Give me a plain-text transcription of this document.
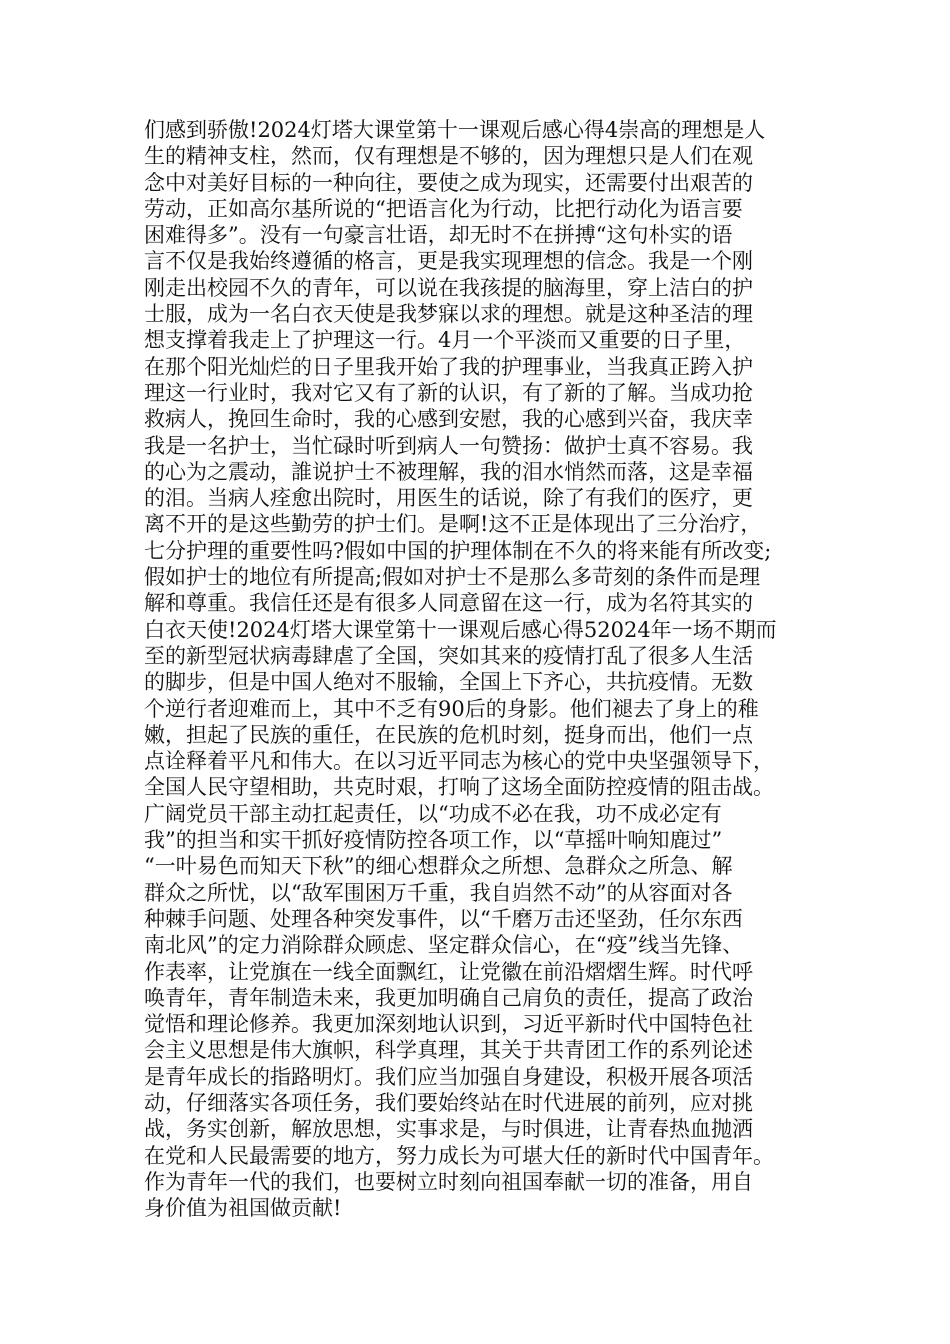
们感到骄傲!2024灯塔大课堂第十一课观后感心得4崇高的理想是人
生的精神支柱，然而，仅有理想是不够的，因为理想只是人们在观
念中对美好目标的一种向往，要使之成为现实，还需要付出艰苦的
劳动，正如高尔基所说的“把语言化为行动，比把行动化为语言要
困难得多”。没有一句豪言壮语，却无时不在拼搏“这句朴实的语
言不仅是我始终遵循的格言，更是我实现理想的信念。我是一个刚
刚走出校园不久的青年，可以说在我孩提的脑海里，穿上洁白的护
士服，成为一名白衣天使是我梦寐以求的理想。就是这种圣洁的理
想支撑着我走上了护理这一行。4月一个平淡而又重要的日子里，
在那个阳光灿烂的日子里我开始了我的护理事业，当我真正跨入护
理这一行业时，我对它又有了新的认识，有了新的了解。当成功抢
救病人，挽回生命时，我的心感到安慰，我的心感到兴奋，我庆幸
我是一名护士，当忙碌时听到病人一句赞扬：做护士真不容易。我
的心为之震动，誰说护士不被理解，我的泪水悄然而落，这是幸福
的泪。当病人痊愈出院时，用医生的话说，除了有我们的医疗，更
离不开的是这些勤劳的护士们。是啊!这不正是体现出了三分治疗，
七分护理的重要性吗?假如中国的护理体制在不久的将来能有所改变;
假如护士的地位有所提高;假如对护士不是那么多苛刻的条件而是理
解和尊重。我信任还是有很多人同意留在这一行，成为名符其实的
白衣天使!2024灯塔大课堂第十一课观后感心得52024年一场不期而
至的新型冠状病毒肆虐了全国，突如其来的疫情打乱了很多人生活
的脚步，但是中国人绝对不服输，全国上下齐心，共抗疫情。无数
个逆行者迎难而上，其中不乏有90后的身影。他们褪去了身上的稚
嫩，担起了民族的重任，在民族的危机时刻，挺身而出，他们一点
点诠释着平凡和伟大。在以习近平同志为核心的党中央坚强领导下，
全国人民守望相助，共克时艰，打响了这场全面防控疫情的阻击战。
广阔党员干部主动扛起责任，以“功成不必在我，功不成必定有
我”的担当和实干抓好疫情防控各项工作，以“草摇叶响知鹿过”
“一叶易色而知天下秋”的细心想群众之所想、急群众之所急、解
群众之所忧，以“敌军围困万千重，我自岿然不动”的从容面对各
种棘手问题、处理各种突发事件，以“千磨万击还坚劲，任尔东西
南北风”的定力消除群众顾虑、坚定群众信心，在“疫”线当先锋、
作表率，让党旗在一线全面飘红，让党徽在前沿熠熠生辉。时代呼
唤青年，青年制造未来，我更加明确自己肩负的责任，提高了政治
觉悟和理论修养。我更加深刻地认识到，习近平新时代中国特色社
会主义思想是伟大旗帜，科学真理，其关于共青团工作的系列论述
是青年成长的指路明灯。我们应当加强自身建设，积极开展各项活
动，仔细落实各项任务，我们要始终站在时代进展的前列，应对挑
战，务实创新，解放思想，实事求是，与时俱进，让青春热血抛洒
在党和人民最需要的地方，努力成长为可堪大任的新时代中国青年。
作为青年一代的我们，也要树立时刻向祖国奉献一切的准备，用自
身价值为祖国做贡献!
